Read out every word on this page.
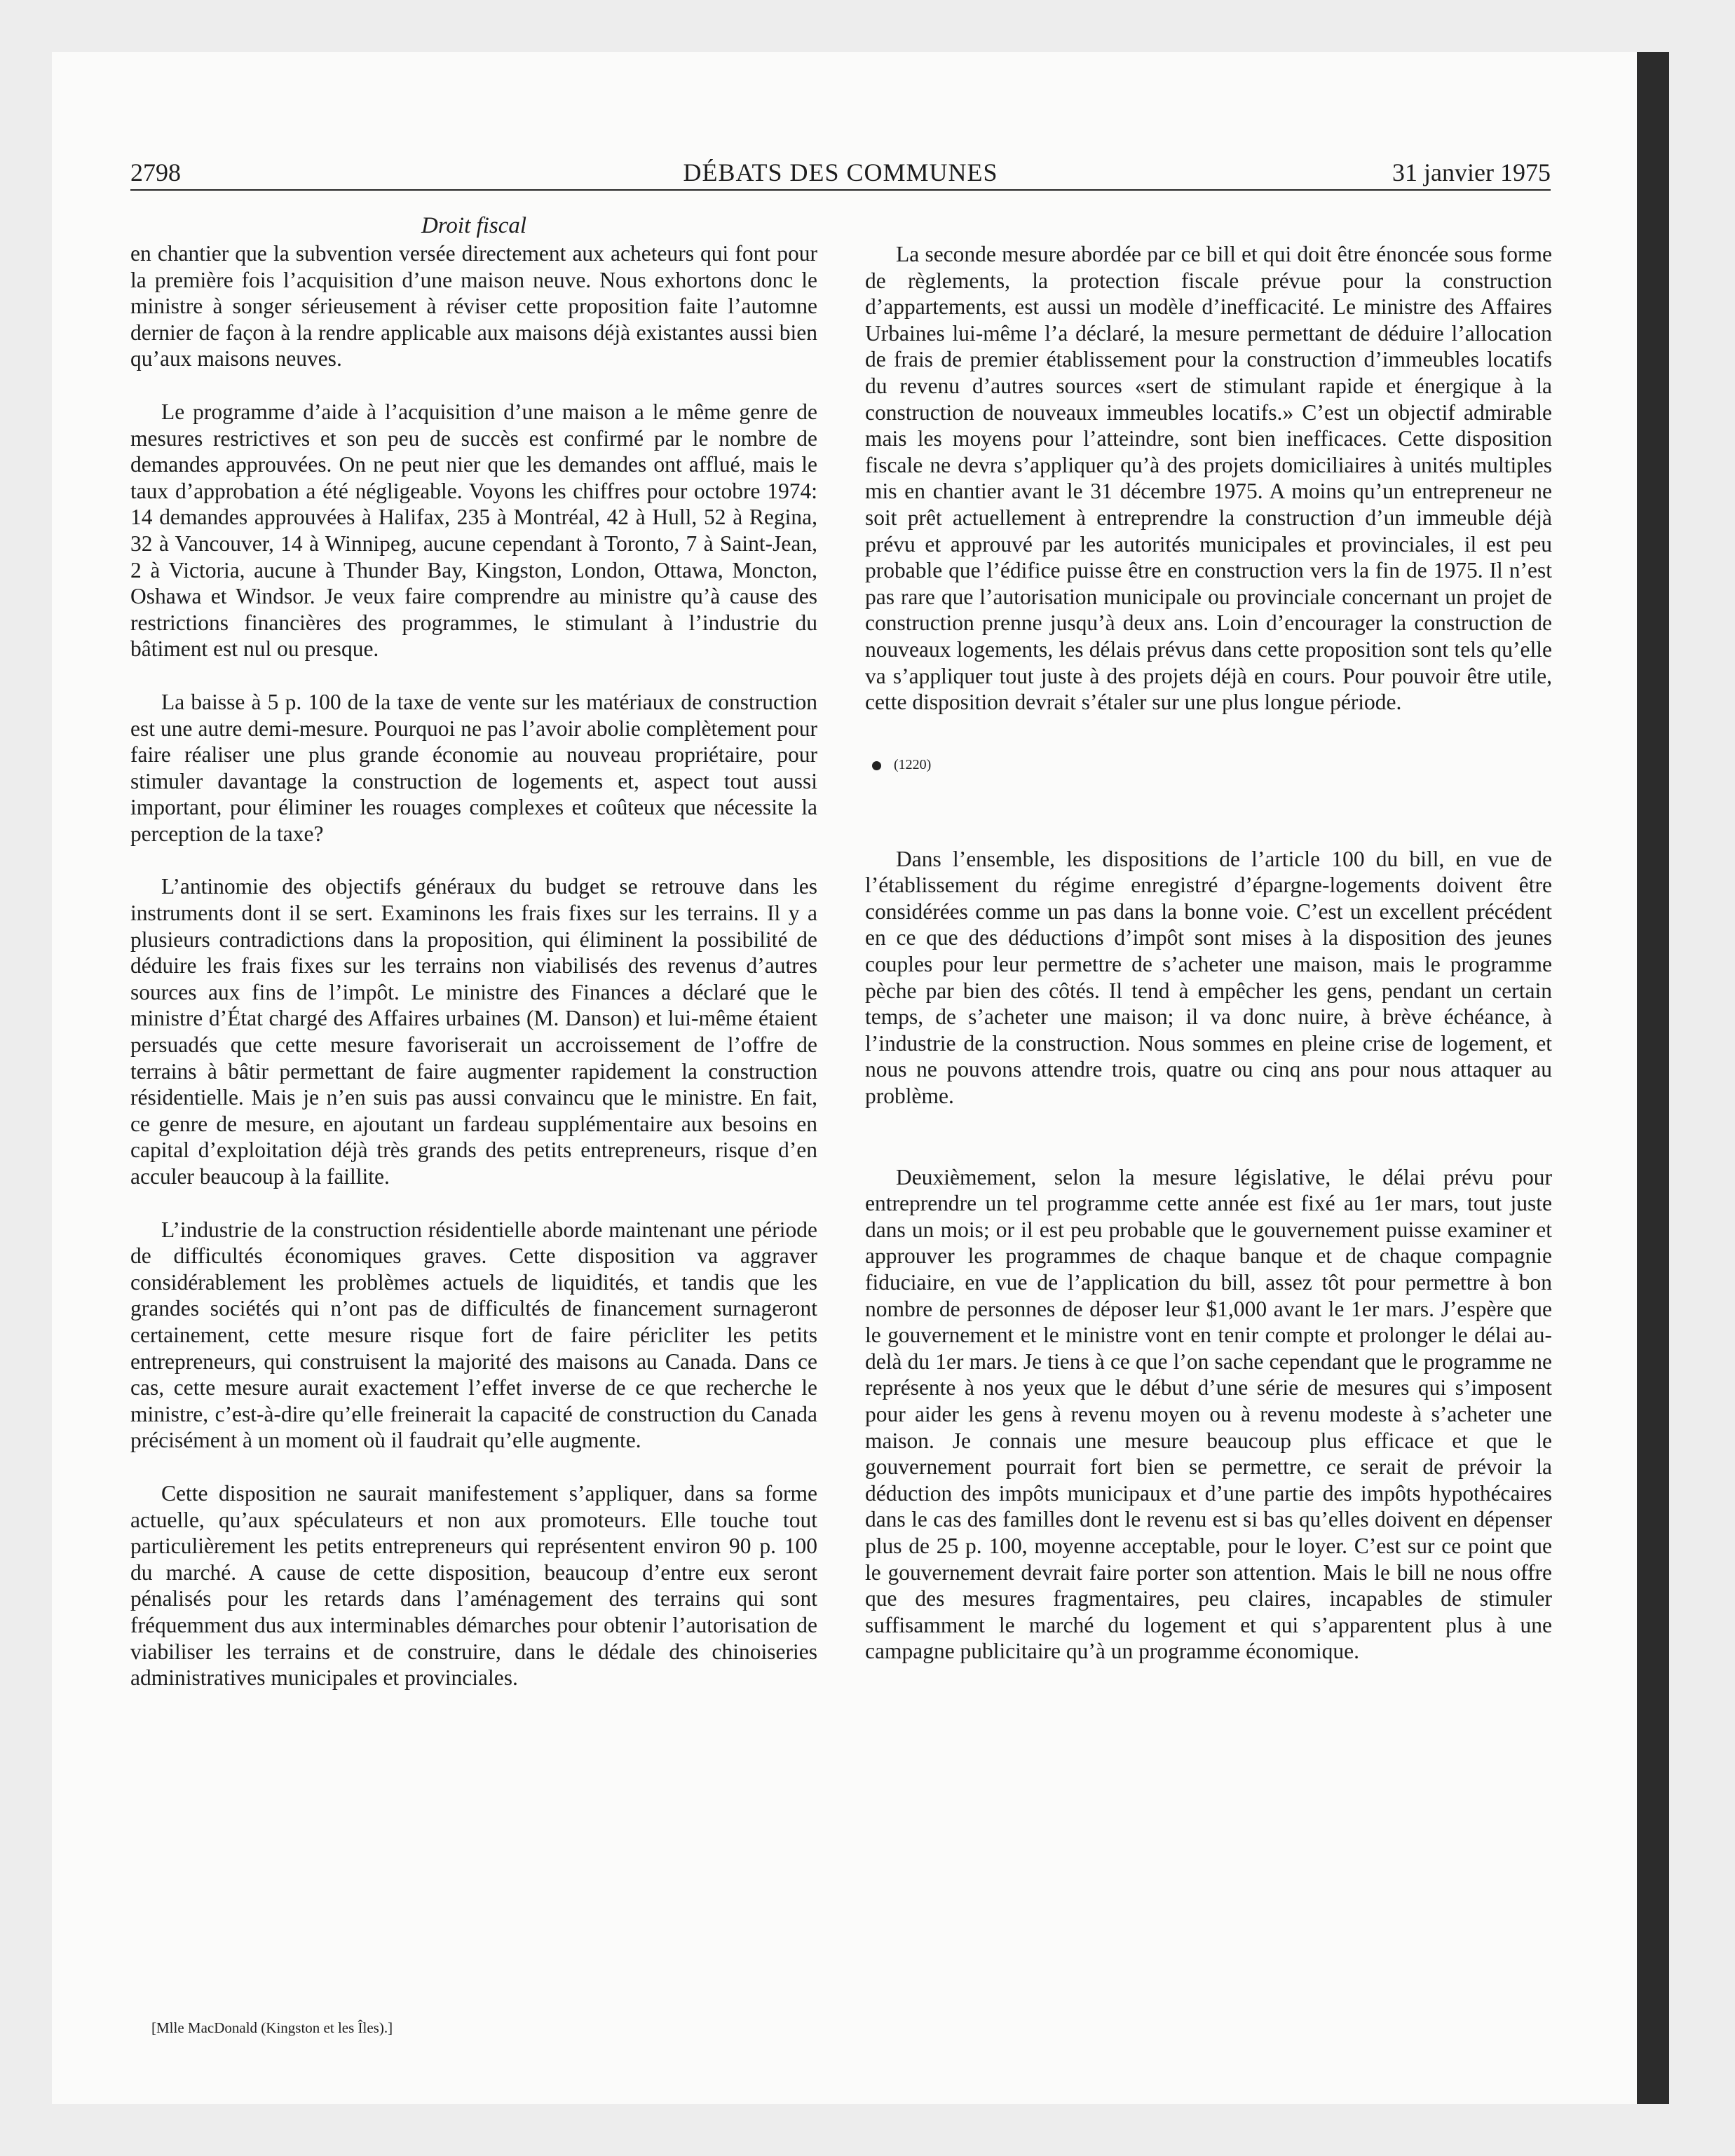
2798	DÉBATS DES COMMUNES	31 janvier 1975
Droit fiscal

en chantier que la subvention versée directement aux acheteurs qui font pour la première fois l’acquisition d’une maison neuve. Nous exhortons donc le ministre à songer sérieusement à réviser cette proposition faite l’automne dernier de façon à la rendre applicable aux maisons déjà existantes aussi bien qu’aux maisons neuves.

Le programme d’aide à l’acquisition d’une maison a le même genre de mesures restrictives et son peu de succès est confirmé par le nombre de demandes approuvées. On ne peut nier que les demandes ont afflué, mais le taux d’approbation a été négligeable. Voyons les chiffres pour octobre 1974: 14 demandes approuvées à Halifax, 235 à Montréal, 42 à Hull, 52 à Regina, 32 à Vancouver, 14 à Winnipeg, aucune cependant à Toronto, 7 à Saint-Jean, 2 à Victoria, aucune à Thunder Bay, Kingston, London, Ottawa, Moncton, Oshawa et Windsor. Je veux faire comprendre au ministre qu’à cause des restrictions financières des programmes, le stimulant à l’industrie du bâtiment est nul ou presque.

La baisse à 5 p. 100 de la taxe de vente sur les matériaux de construction est une autre demi-mesure. Pourquoi ne pas l’avoir abolie complètement pour faire réaliser une plus grande économie au nouveau propriétaire, pour stimuler davantage la construction de logements et, aspect tout aussi important, pour éliminer les rouages complexes et coûteux que nécessite la perception de la taxe?

L’antinomie des objectifs généraux du budget se retrouve dans les instruments dont il se sert. Examinons les frais fixes sur les terrains. Il y a plusieurs contradictions dans la proposition, qui éliminent la possibilité de déduire les frais fixes sur les terrains non viabilisés des revenus d’autres sources aux fins de l’impôt. Le ministre des Finances a déclaré que le ministre d’État chargé des Affaires urbaines (M. Danson) et lui-même étaient persuadés que cette mesure favoriserait un accroissement de l’offre de terrains à bâtir permettant de faire augmenter rapidement la construction résidentielle. Mais je n’en suis pas aussi convaincu que le ministre. En fait, ce genre de mesure, en ajoutant un fardeau supplémentaire aux besoins en capital d’exploitation déjà très grands des petits entrepreneurs, risque d’en acculer beaucoup à la faillite.

L’industrie de la construction résidentielle aborde maintenant une période de difficultés économiques graves. Cette disposition va aggraver considérablement les problèmes actuels de liquidités, et tandis que les grandes sociétés qui n’ont pas de difficultés de financement surnageront certainement, cette mesure risque fort de faire péricliter les petits entrepreneurs, qui construisent la majorité des maisons au Canada. Dans ce cas, cette mesure aurait exactement l’effet inverse de ce que recherche le ministre, c’est-à-dire qu’elle freinerait la capacité de construction du Canada précisément à un moment où il faudrait qu’elle augmente.

Cette disposition ne saurait manifestement s’appliquer, dans sa forme actuelle, qu’aux spéculateurs et non aux promoteurs. Elle touche tout particulièrement les petits entrepreneurs qui représentent environ 90 p. 100 du marché. A cause de cette disposition, beaucoup d’entre eux seront pénalisés pour les retards dans l’aménagement des terrains qui sont fréquemment dus aux interminables démarches pour obtenir l’autorisation de viabiliser les terrains et de construire, dans le dédale des chinoiseries administratives municipales et provinciales.

La seconde mesure abordée par ce bill et qui doit être énoncée sous forme de règlements, la protection fiscale prévue pour la construction d’appartements, est aussi un modèle d’inefficacité. Le ministre des Affaires Urbaines lui-même l’a déclaré, la mesure permettant de déduire l’allocation de frais de premier établissement pour la construction d’immeubles locatifs du revenu d’autres sources «sert de stimulant rapide et énergique à la construction de nouveaux immeubles locatifs.» C’est un objectif admirable mais les moyens pour l’atteindre, sont bien inefficaces. Cette disposition fiscale ne devra s’appliquer qu’à des projets domiciliaires à unités multiples mis en chantier avant le 31 décembre 1975. A moins qu’un entrepreneur ne soit prêt actuellement à entreprendre la construction d’un immeuble déjà prévu et approuvé par les autorités municipales et provinciales, il est peu probable que l’édifice puisse être en construction vers la fin de 1975. Il n’est pas rare que l’autorisation municipale ou provinciale concernant un projet de construction prenne jusqu’à deux ans. Loin d’encourager la construction de nouveaux logements, les délais prévus dans cette proposition sont tels qu’elle va s’appliquer tout juste à des projets déjà en cours. Pour pouvoir être utile, cette disposition devrait s’étaler sur une plus longue période.

(1220)

Dans l’ensemble, les dispositions de l’article 100 du bill, en vue de l’établissement du régime enregistré d’épargne-logements doivent être considérées comme un pas dans la bonne voie. C’est un excellent précédent en ce que des déductions d’impôt sont mises à la disposition des jeunes couples pour leur permettre de s’acheter une maison, mais le programme pèche par bien des côtés. Il tend à empêcher les gens, pendant un certain temps, de s’acheter une maison; il va donc nuire, à brève échéance, à l’industrie de la construction. Nous sommes en pleine crise de logement, et nous ne pouvons attendre trois, quatre ou cinq ans pour nous attaquer au problème.

Deuxièmement, selon la mesure législative, le délai prévu pour entreprendre un tel programme cette année est fixé au 1er mars, tout juste dans un mois; or il est peu probable que le gouvernement puisse examiner et approuver les programmes de chaque banque et de chaque compagnie fiduciaire, en vue de l’application du bill, assez tôt pour permettre à bon nombre de personnes de déposer leur $1,000 avant le 1er mars. J’espère que le gouvernement et le ministre vont en tenir compte et prolonger le délai au-delà du 1er mars. Je tiens à ce que l’on sache cependant que le programme ne représente à nos yeux que le début d’une série de mesures qui s’imposent pour aider les gens à revenu moyen ou à revenu modeste à s’acheter une maison. Je connais une mesure beaucoup plus efficace et que le gouvernement pourrait fort bien se permettre, ce serait de prévoir la déduction des impôts municipaux et d’une partie des impôts hypothécaires dans le cas des familles dont le revenu est si bas qu’elles doivent en dépenser plus de 25 p. 100, moyenne acceptable, pour le loyer. C’est sur ce point que le gouvernement devrait faire porter son attention. Mais le bill ne nous offre que des mesures fragmentaires, peu claires, incapables de stimuler suffisamment le marché du logement et qui s’apparentent plus à une campagne publicitaire qu’à un programme économique.

[Mlle MacDonald (Kingston et les Îles).]
